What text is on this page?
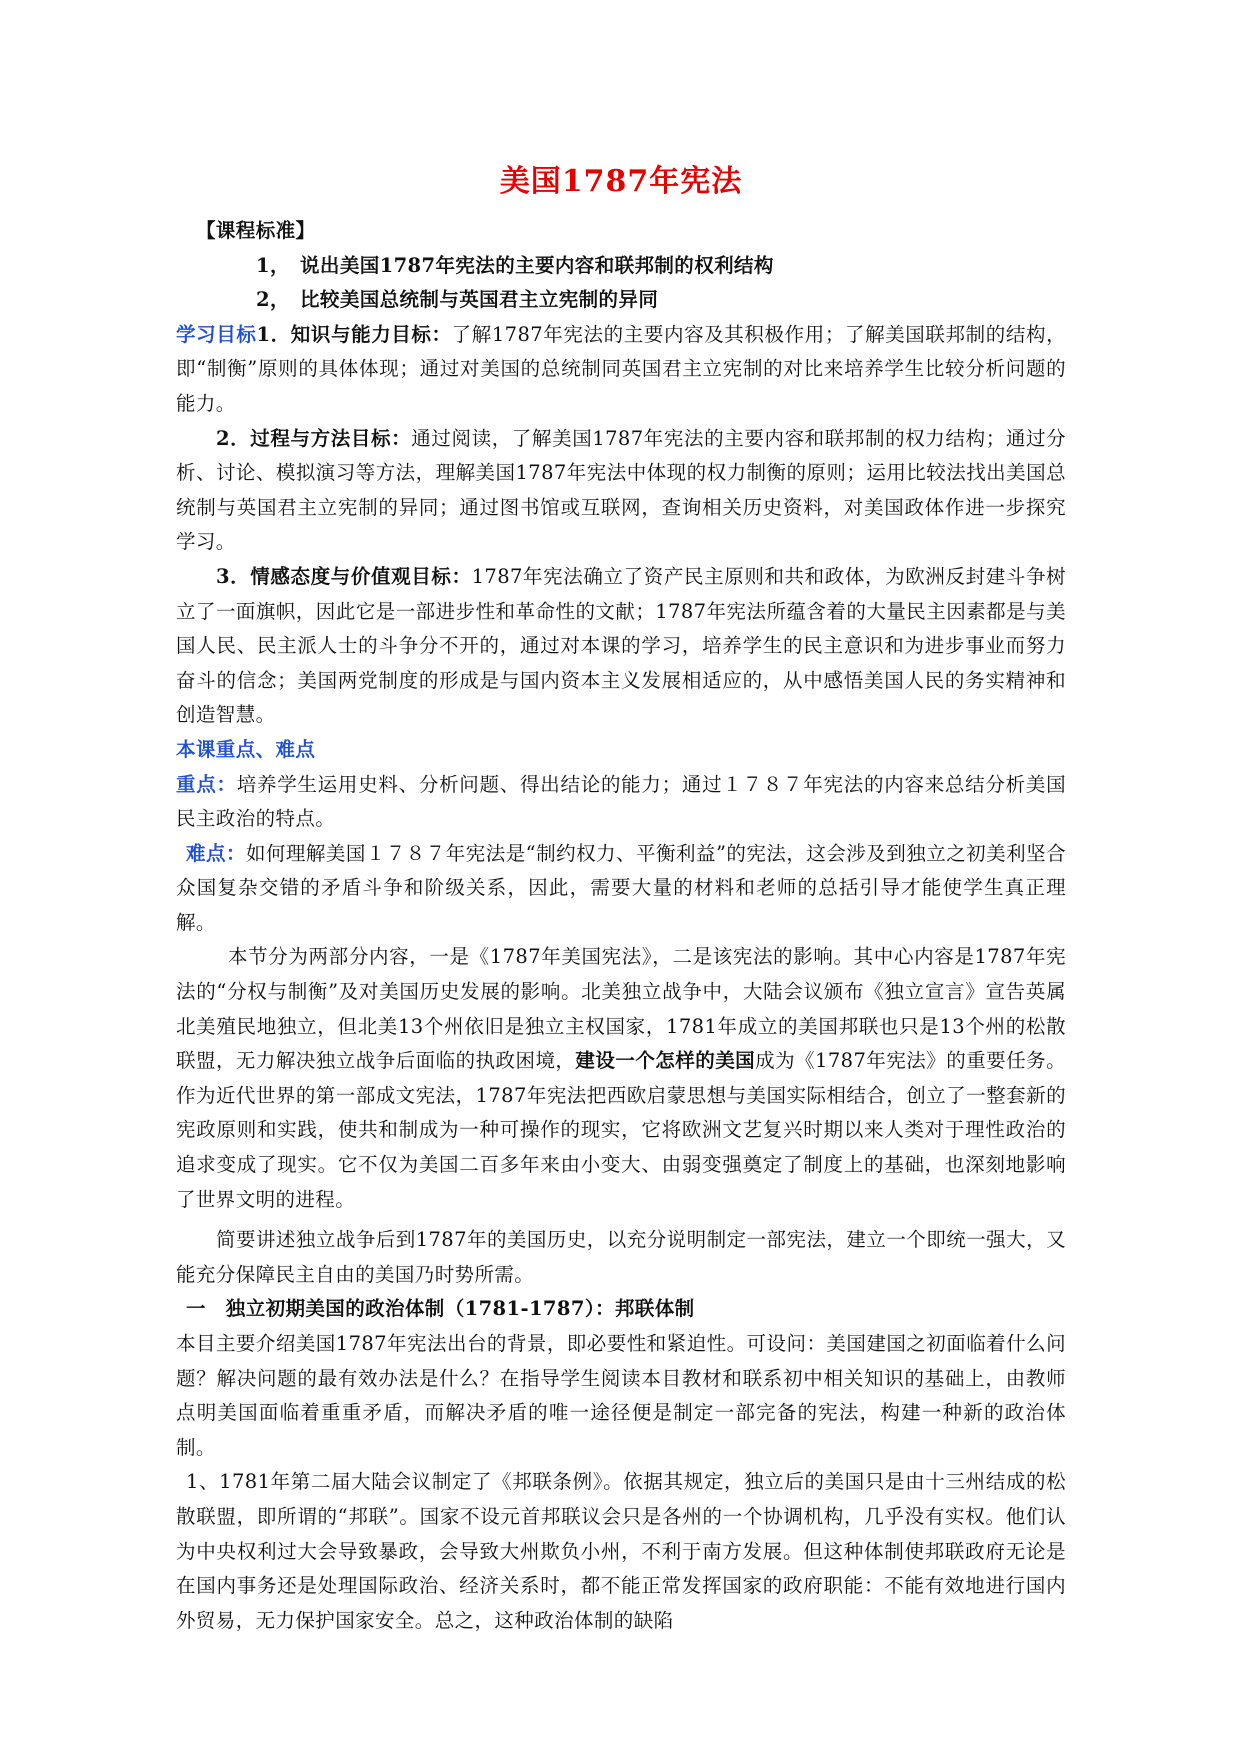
美国1787年宪法

【课程标准】

1，　说出美国1787年宪法的主要内容和联邦制的权利结构

2，　比较美国总统制与英国君主立宪制的异同

学习目标1．知识与能力目标：了解1787年宪法的主要内容及其积极作用；了解美国联邦制的结构，即“制衡”原则的具体体现；通过对美国的总统制同英国君主立宪制的对比来培养学生比较分析问题的能力。

2．过程与方法目标：通过阅读，了解美国1787年宪法的主要内容和联邦制的权力结构；通过分析、讨论、模拟演习等方法，理解美国1787年宪法中体现的权力制衡的原则；运用比较法找出美国总统制与英国君主立宪制的异同；通过图书馆或互联网，查询相关历史资料，对美国政体作进一步探究学习。

3．情感态度与价值观目标：1787年宪法确立了资产民主原则和共和政体，为欧洲反封建斗争树立了一面旗帜，因此它是一部进步性和革命性的文献；1787年宪法所蕴含着的大量民主因素都是与美国人民、民主派人士的斗争分不开的，通过对本课的学习，培养学生的民主意识和为进步事业而努力奋斗的信念；美国两党制度的形成是与国内资本主义发展相适应的，从中感悟美国人民的务实精神和创造智慧。

本课重点、难点

重点：培养学生运用史料、分析问题、得出结论的能力；通过１７８７年宪法的内容来总结分析美国民主政治的特点。

难点：如何理解美国１７８７年宪法是“制约权力、平衡利益”的宪法，这会涉及到独立之初美利坚合众国复杂交错的矛盾斗争和阶级关系，因此，需要大量的材料和老师的总括引导才能使学生真正理解。

本节分为两部分内容，一是《1787年美国宪法》，二是该宪法的影响。其中心内容是1787年宪法的“分权与制衡”及对美国历史发展的影响。北美独立战争中，大陆会议颁布《独立宣言》宣告英属北美殖民地独立，但北美13个州依旧是独立主权国家，1781年成立的美国邦联也只是13个州的松散联盟，无力解决独立战争后面临的执政困境，建设一个怎样的美国成为《1787年宪法》的重要任务。作为近代世界的第一部成文宪法，1787年宪法把西欧启蒙思想与美国实际相结合，创立了一整套新的宪政原则和实践，使共和制成为一种可操作的现实，它将欧洲文艺复兴时期以来人类对于理性政治的追求变成了现实。它不仅为美国二百多年来由小变大、由弱变强奠定了制度上的基础，也深刻地影响了世界文明的进程。

简要讲述独立战争后到1787年的美国历史，以充分说明制定一部宪法，建立一个即统一强大，又能充分保障民主自由的美国乃时势所需。

一　独立初期美国的政治体制（1781-1787）：邦联体制

本目主要介绍美国1787年宪法出台的背景，即必要性和紧迫性。可设问：美国建国之初面临着什么问题？解决问题的最有效办法是什么？在指导学生阅读本目教材和联系初中相关知识的基础上，由教师点明美国面临着重重矛盾，而解决矛盾的唯一途径便是制定一部完备的宪法，构建一种新的政治体制。

1、1781年第二届大陆会议制定了《邦联条例》。依据其规定，独立后的美国只是由十三州结成的松散联盟，即所谓的“邦联”。国家不设元首邦联议会只是各州的一个协调机构，几乎没有实权。他们认为中央权利过大会导致暴政，会导致大州欺负小州，不利于南方发展。但这种体制使邦联政府无论是在国内事务还是处理国际政治、经济关系时，都不能正常发挥国家的政府职能：不能有效地进行国内外贸易，无力保护国家安全。总之，这种政治体制的缺陷
